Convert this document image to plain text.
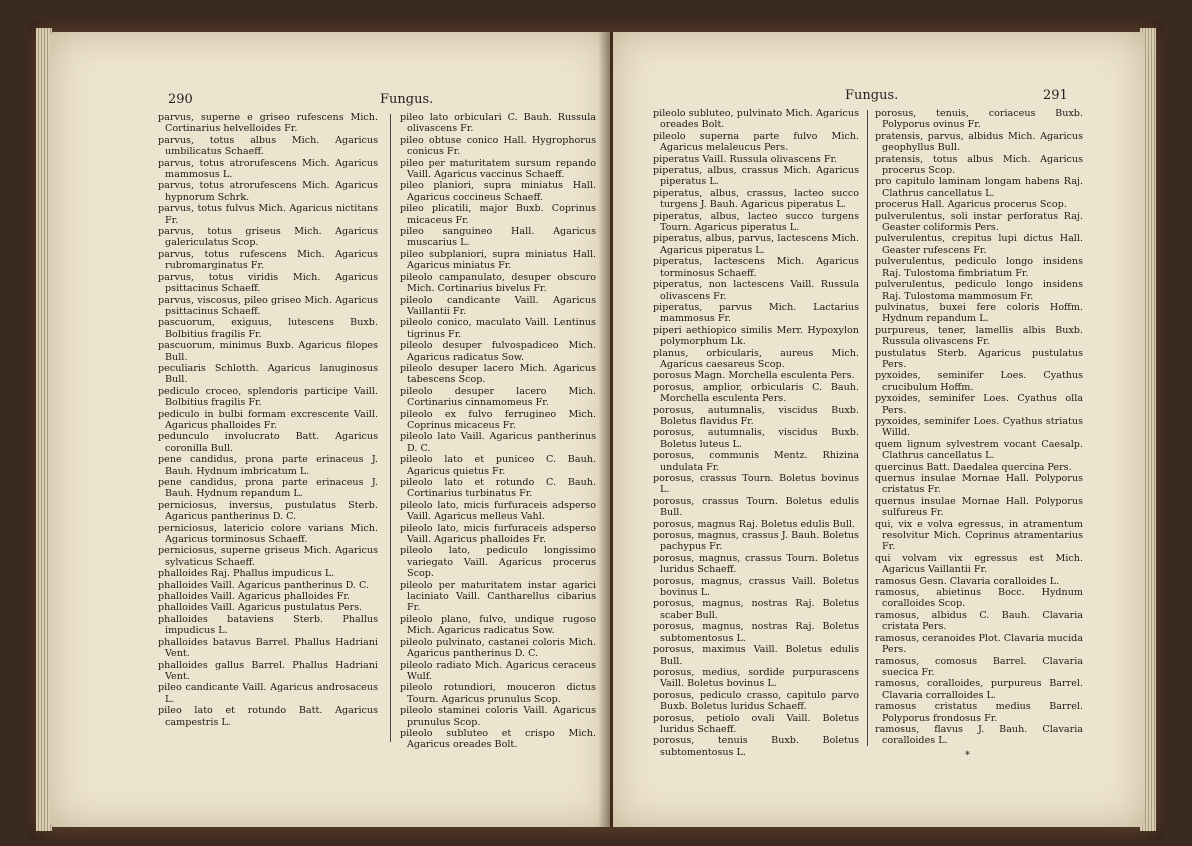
290	Fungus.
parvus, superne e griseo rufescens Mich. Cortinarius helvelloides Fr.
parvus, totus albus Mich. Agaricus umbilicatus Schaeff.
parvus, totus atrorufescens Mich. Agaricus mammosus L.
parvus, totus atrorufescens Mich. Agaricus hypnorum Schrk.
parvus, totus fulvus Mich. Agaricus nictitans Fr.
parvus, totus griseus Mich. Agaricus galericulatus Scop.
parvus, totus rufescens Mich. Agaricus rubromarginatus Fr.
parvus, totus viridis Mich. Agaricus psittacinus Schaeff.
parvus, viscosus, pileo griseo Mich. Agaricus psittacinus Schaeff.
pascuorum, exiguus, lutescens Buxb. Bolbitius fragilis Fr.
pascuorum, minimus Buxb. Agaricus filopes Bull.
peculiaris Schlotth. Agaricus lanuginosus Bull.
pediculo croceo, splendoris participe Vaill. Bolbitius fragilis Fr.
pediculo in bulbi formam excrescente Vaill. Agaricus phalloides Fr.
pedunculo involucrato Batt. Agaricus coronilla Bull.
pene candidus, prona parte erinaceus J. Bauh. Hydnum imbricatum L.
pene candidus, prona parte erinaceus J. Bauh. Hydnum repandum L.
perniciosus, inversus, pustulatus Sterb. Agaricus pantherinus D. C.
perniciosus, latericio colore varians Mich. Agaricus torminosus Schaeff.
perniciosus, superne griseus Mich. Agaricus sylvaticus Schaeff.
phalloides Raj. Phallus impudicus L.
phalloides Vaill. Agaricus pantherinus D. C.
phalloides Vaill. Agaricus phalloides Fr.
phalloides Vaill. Agaricus pustulatus Pers.
phalloides bataviens Sterb. Phallus impudicus L.
phalloides batavus Barrel. Phallus Hadriani Vent.
phalloides gallus Barrel. Phallus Hadriani Vent.
pileo candicante Vaill. Agaricus androsaceus L.
pileo lato et rotundo Batt. Agaricus campestris L.
pileo lato orbiculari C. Bauh. Russula olivascens Fr.
pileo obtuse conico Hall. Hygrophorus conicus Fr.
pileo per maturitatem sursum repando Vaill. Agaricus vaccinus Schaeff.
pileo planiori, supra miniatus Hall. Agaricus coccineus Schaeff.
pileo plicatili, major Buxb. Coprinus micaceus Fr.
pileo sanguineo Hall. Agaricus muscarius L.
pileo subplaniori, supra miniatus Hall. Agaricus miniatus Fr.
pileolo campanulato, desuper obscuro Mich. Cortinarius bivelus Fr.
pileolo candicante Vaill. Agaricus Vaillantii Fr.
pileolo conico, maculato Vaill. Lentinus tigrinus Fr.
pileolo desuper fulvospadiceo Mich. Agaricus radicatus Sow.
pileolo desuper lacero Mich. Agaricus tabescens Scop.
pileolo desuper lacero Mich. Cortinarius cinnamomeus Fr.
pileolo ex fulvo ferrugineo Mich. Coprinus micaceus Fr.
pileolo lato Vaill. Agaricus pantherinus D. C.
pileolo lato et puniceo C. Bauh. Agaricus quietus Fr.
pileolo lato et rotundo C. Bauh. Cortinarius turbinatus Fr.
pileolo lato, micis furfuraceis adsperso Vaill. Agaricus melleus Vahl.
pileolo lato, micis furfuraceis adsperso Vaill. Agaricus phalloides Fr.
pileolo lato, pediculo longissimo variegato Vaill. Agaricus procerus Scop.
pileolo per maturitatem instar agarici laciniato Vaill. Cantharellus cibarius Fr.
pileolo plano, fulvo, undique rugoso Mich. Agaricus radicatus Sow.
pileolo pulvinato, castanei coloris Mich. Agaricus pantherinus D. C.
pileolo radiato Mich. Agaricus ceraceus Wulf.
pileolo rotundiori, mouceron dictus Tourn. Agaricus prunulus Scop.
pileolo staminei coloris Vaill. Agaricus prunulus Scop.
pileolo subluteo et crispo Mich. Agaricus oreades Bolt.
Fungus.	291
pileolo subluteo, pulvinato Mich. Agaricus oreades Bolt.
pileolo superna parte fulvo Mich. Agaricus melaleucus Pers.
piperatus Vaill. Russula olivascens Fr.
piperatus, albus, crassus Mich. Agaricus piperatus L.
piperatus, albus, crassus, lacteo succo turgens J. Bauh. Agaricus piperatus L.
piperatus, albus, lacteo succo turgens Tourn. Agaricus piperatus L.
piperatus, albus, parvus, lactescens Mich. Agaricus piperatus L.
piperatus, lactescens Mich. Agaricus torminosus Schaeff.
piperatus, non lactescens Vaill. Russula olivascens Fr.
piperatus, parvus Mich. Lactarius mammosus Fr.
piperi aethiopico similis Merr. Hypoxylon polymorphum Lk.
planus, orbicularis, aureus Mich. Agaricus caesareus Scop.
porosus Magn. Morchella esculenta Pers.
porosus, amplior, orbicularis C. Bauh. Morchella esculenta Pers.
porosus, autumnalis, viscidus Buxb. Boletus flavidus Fr.
porosus, autumnalis, viscidus Buxb. Boletus luteus L.
porosus, communis Mentz. Rhizina undulata Fr.
porosus, crassus Tourn. Boletus bovinus L.
porosus, crassus Tourn. Boletus edulis Bull.
porosus, magnus Raj. Boletus edulis Bull.
porosus, magnus, crassus J. Bauh. Boletus pachypus Fr.
porosus, magnus, crassus Tourn. Boletus luridus Schaeff.
porosus, magnus, crassus Vaill. Boletus bovinus L.
porosus, magnus, nostras Raj. Boletus scaber Bull.
porosus, magnus, nostras Raj. Boletus subtomentosus L.
porosus, maximus Vaill. Boletus edulis Bull.
porosus, medius, sordide purpurascens Vaill. Boletus bovinus L.
porosus, pediculo crasso, capitulo parvo Buxb. Boletus luridus Schaeff.
porosus, petiolo ovali Vaill. Boletus luridus Schaeff.
porosus, tenuis Buxb. Boletus subtomentosus L.
porosus, tenuis, coriaceus Buxb. Polyporus ovinus Fr.
pratensis, parvus, albidus Mich. Agaricus geophyllus Bull.
pratensis, totus albus Mich. Agaricus procerus Scop.
pro capitulo laminam longam habens Raj. Clathrus cancellatus L.
procerus Hall. Agaricus procerus Scop.
pulverulentus, soli instar perforatus Raj. Geaster coliformis Pers.
pulverulentus, crepitus lupi dictus Hall. Geaster rufescens Fr.
pulverulentus, pediculo longo insidens Raj. Tulostoma fimbriatum Fr.
pulverulentus, pediculo longo insidens Raj. Tulostoma mammosum Fr.
pulvinatus, buxei fere coloris Hoffm. Hydnum repandum L.
purpureus, tener, lamellis albis Buxb. Russula olivascens Fr.
pustulatus Sterb. Agaricus pustulatus Pers.
pyxoides, seminifer Loes. Cyathus crucibulum Hoffm.
pyxoides, seminifer Loes. Cyathus olla Pers.
pyxoides, seminifer Loes. Cyathus striatus Willd.
quem lignum sylvestrem vocant Caesalp. Clathrus cancellatus L.
quercinus Batt. Daedalea quercina Pers.
quernus insulae Mornae Hall. Polyporus cristatus Fr.
quernus insulae Mornae Hall. Polyporus sulfureus Fr.
qui, vix e volva egressus, in atramentum resolvitur Mich. Coprinus atramentarius Fr.
qui volvam vix egressus est Mich. Agaricus Vaillantii Fr.
ramosus Gesn. Clavaria coralloides L.
ramosus, abietinus Bocc. Hydnum coralloides Scop.
ramosus, albidus C. Bauh. Clavaria cristata Pers.
ramosus, ceranoides Plot. Clavaria mucida Pers.
ramosus, comosus Barrel. Clavaria suecica Fr.
ramosus, coralloides, purpureus Barrel. Clavaria corralloides L.
ramosus cristatus medius Barrel. Polyporus frondosus Fr.
ramosus, flavus J. Bauh. Clavaria coralloides L.
*
